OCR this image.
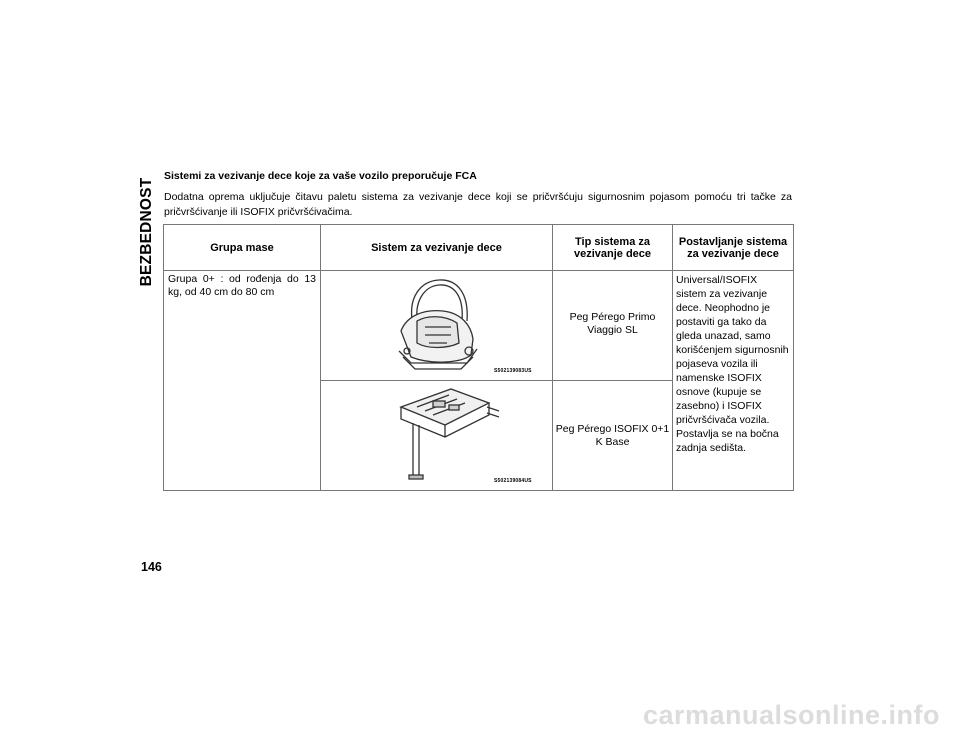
BEZBEDNOST
Sistemi za vezivanje dece koje za vaše vozilo preporučuje FCA
Dodatna oprema uključuje čitavu paletu sistema za vezivanje dece koji se pričvršćuju sigurnosnim pojasom pomoću tri tačke za pričvršćivanje ili ISOFIX pričvršćivačima.
Grupa mase	Sistem za vezivanje dece	Tip sistema za vezivanje dece	Postavljanje sistema za vezivanje dece

Grupa 0+ : od rođenja do 13 kg, od 40 cm do 80 cm	S502139083US	Peg Pérego Primo Viaggio SL	Universal/ISOFIX sistem za vezivanje dece. Neophodno je postaviti ga tako da gleda unazad, samo korišćenjem sigurnosnih pojaseva vozila ili namenske ISOFIX osnove (kupuje se zasebno) i ISOFIX pričvršćivača vozila. Postavlja se na bočna zadnja sedišta.

	S502139084US	Peg Pérego ISOFIX 0+1 K Base	
146
carmanualsonline.info
